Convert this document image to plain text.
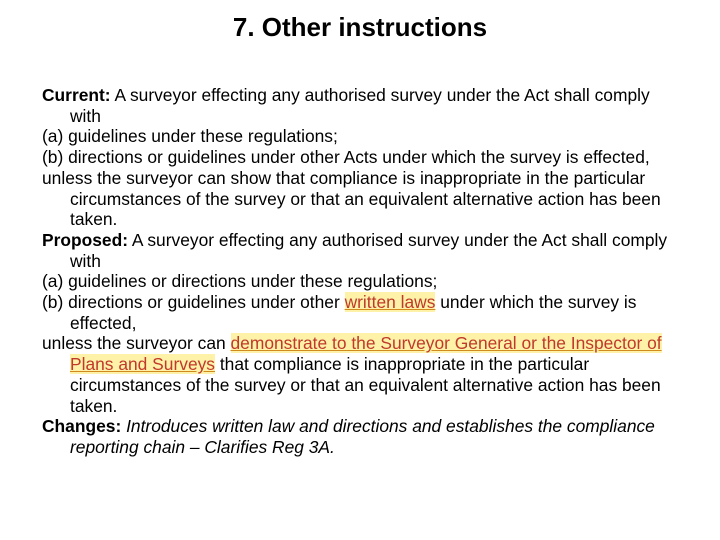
7. Other instructions

Current: A surveyor effecting any authorised survey under the Act shall comply with

(a) guidelines under these regulations;

(b) directions or guidelines under other Acts under which the survey is effected,

unless the surveyor can show that compliance is inappropriate in the particular circumstances of the survey or that an equivalent alternative action has been taken.

Proposed: A surveyor effecting any authorised survey under the Act shall comply with

(a) guidelines or directions under these regulations;

(b) directions or guidelines under other written laws under which the survey is effected,

unless the surveyor can demonstrate to the Surveyor General or the Inspector of Plans and Surveys that compliance is inappropriate in the particular circumstances of the survey or that an equivalent alternative action has been taken.

Changes: Introduces written law and directions and establishes the compliance reporting chain – Clarifies Reg 3A.
